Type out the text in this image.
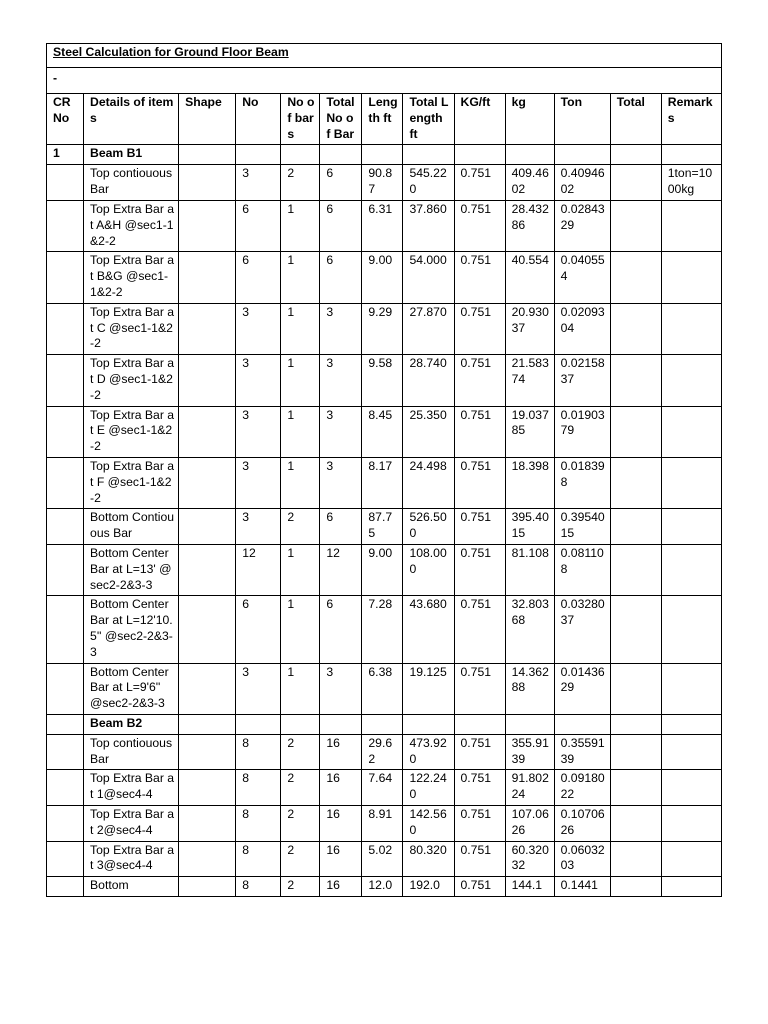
Steel Calculation for Ground Floor Beam												
-												
CR No	Details of items	Shape	No	No of bars	Total No of Bar	Length ft	Total Length ft	KG/ft	kg	Ton	Total	Remarks
1	Beam B1											
	Top contiouous Bar		3	2	6	90.87	545.220	0.751	409.4602	0.4094602		1ton=1000kg
	Top Extra Bar at A&H @sec1-1&2-2		6	1	6	6.31	37.860	0.751	28.43286	0.0284329		
	Top Extra Bar at B&G @sec1-1&2-2		6	1	6	9.00	54.000	0.751	40.554	0.040554		
	Top Extra Bar at C @sec1-1&2-2		3	1	3	9.29	27.870	0.751	20.93037	0.0209304		
	Top Extra Bar at D @sec1-1&2-2		3	1	3	9.58	28.740	0.751	21.58374	0.0215837		
	Top Extra Bar at E @sec1-1&2-2		3	1	3	8.45	25.350	0.751	19.03785	0.0190379		
	Top Extra Bar at F @sec1-1&2-2		3	1	3	8.17	24.498	0.751	18.398	0.018398		
	Bottom Contiouous Bar		3	2	6	87.75	526.500	0.751	395.4015	0.3954015		
	Bottom Center Bar at L=13' @sec2-2&3-3		12	1	12	9.00	108.000	0.751	81.108	0.081108		
	Bottom Center Bar at L=12'10.5'' @sec2-2&3-3		6	1	6	7.28	43.680	0.751	32.80368	0.0328037		
	Bottom Center Bar at L=9'6'' @sec2-2&3-3		3	1	3	6.38	19.125	0.751	14.36288	0.0143629		
	Beam B2											
	Top contiouous Bar		8	2	16	29.62	473.920	0.751	355.9139	0.3559139		
	Top Extra Bar at 1@sec4-4		8	2	16	7.64	122.240	0.751	91.80224	0.0918022		
	Top Extra Bar at 2@sec4-4		8	2	16	8.91	142.560	0.751	107.0626	0.1070626		
	Top Extra Bar at 3@sec4-4		8	2	16	5.02	80.320	0.751	60.32032	0.0603203		
	Bottom		8	2	16	12.0	192.0	0.751	144.1	0.1441		
